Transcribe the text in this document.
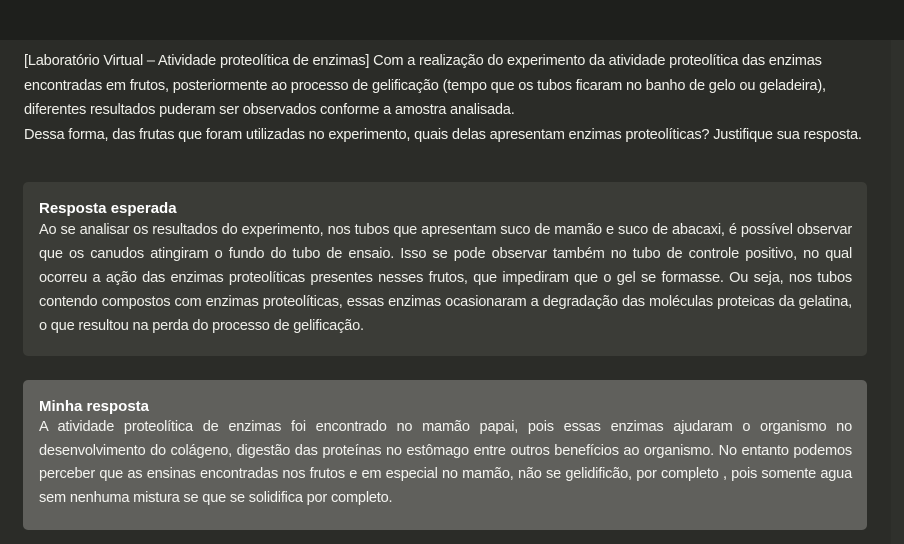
[Laboratório Virtual – Atividade proteolítica de enzimas] Com a realização do experimento da atividade proteolítica das enzimas encontradas em frutos, posteriormente ao processo de gelificação (tempo que os tubos ficaram no banho de gelo ou geladeira), diferentes resultados puderam ser observados conforme a amostra analisada.
Dessa forma, das frutas que foram utilizadas no experimento, quais delas apresentam enzimas proteolíticas? Justifique sua resposta.
Resposta esperada

Ao se analisar os resultados do experimento, nos tubos que apresentam suco de mamão e suco de abacaxi, é possível observar que os canudos atingiram o fundo do tubo de ensaio. Isso se pode observar também no tubo de controle positivo, no qual ocorreu a ação das enzimas proteolíticas presentes nesses frutos, que impediram que o gel se formasse. Ou seja, nos tubos contendo compostos com enzimas proteolíticas, essas enzimas ocasionaram a degradação das moléculas proteicas da gelatina, o que resultou na perda do processo de gelificação.

Minha resposta

A atividade proteolítica de enzimas foi encontrado no mamão papai, pois essas enzimas ajudaram o organismo no desenvolvimento do colágeno, digestão das proteínas no estômago entre outros benefícios ao organismo. No entanto podemos perceber que as ensinas encontradas nos frutos e em especial no mamão, não se gelidificão, por completo , pois somente agua sem nenhuma mistura se que se solidifica por completo.
